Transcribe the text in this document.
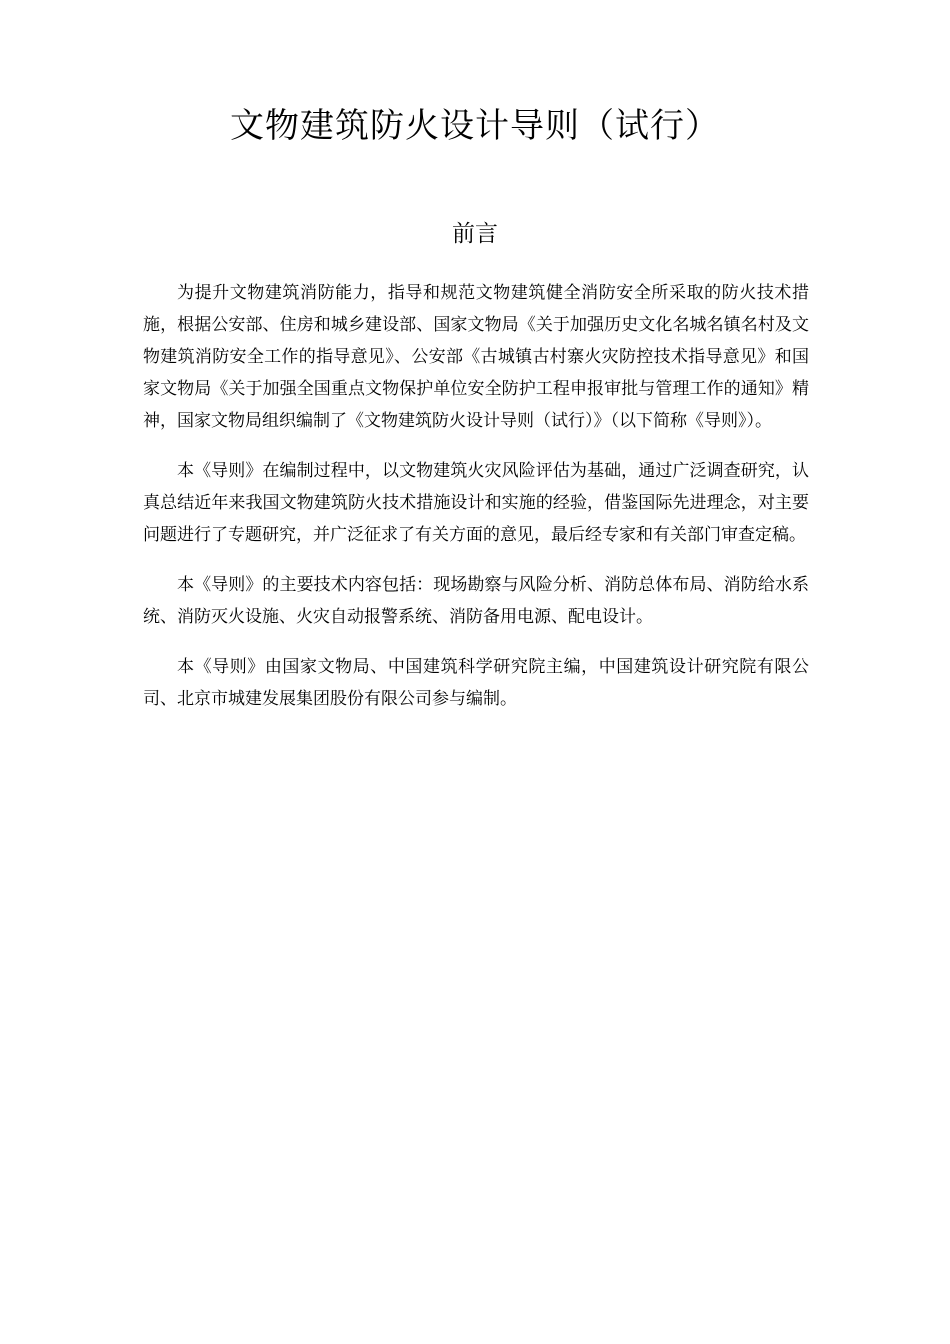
文物建筑防火设计导则（试行）
前言

为提升文物建筑消防能力，指导和规范文物建筑健全消防安全所采取的防火技术措施，根据公安部、住房和城乡建设部、国家文物局《关于加强历史文化名城名镇名村及文物建筑消防安全工作的指导意见》、公安部《古城镇古村寨火灾防控技术指导意见》和国家文物局《关于加强全国重点文物保护单位安全防护工程申报审批与管理工作的通知》精神，国家文物局组织编制了《文物建筑防火设计导则（试行）》（以下简称《导则》）。

本《导则》在编制过程中，以文物建筑火灾风险评估为基础，通过广泛调查研究，认真总结近年来我国文物建筑防火技术措施设计和实施的经验，借鉴国际先进理念，对主要问题进行了专题研究，并广泛征求了有关方面的意见，最后经专家和有关部门审查定稿。

本《导则》的主要技术内容包括：现场勘察与风险分析、消防总体布局、消防给水系统、消防灭火设施、火灾自动报警系统、消防备用电源、配电设计。

本《导则》由国家文物局、中国建筑科学研究院主编，中国建筑设计研究院有限公司、北京市城建发展集团股份有限公司参与编制。
